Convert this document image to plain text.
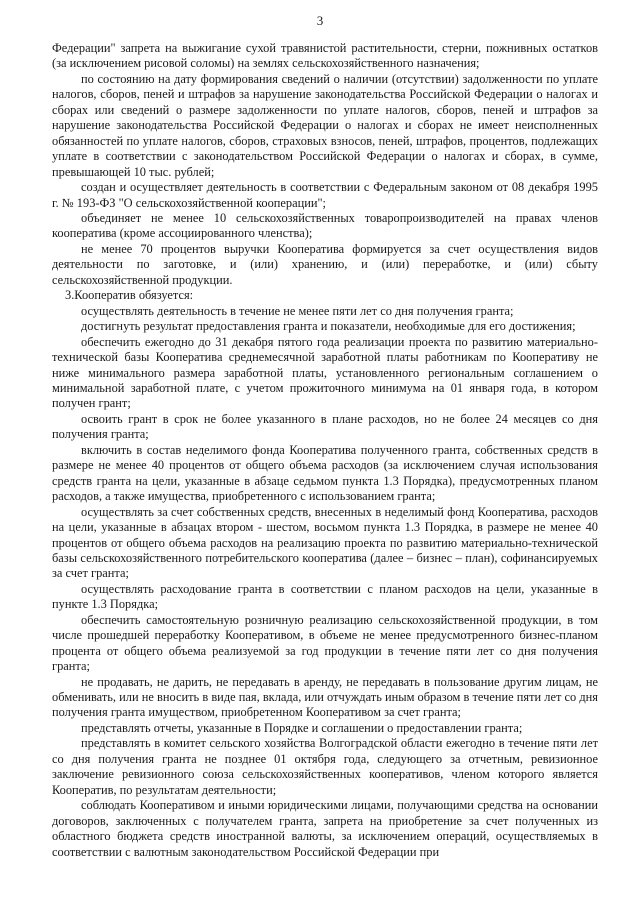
3

Федерации" запрета на выжигание сухой травянистой растительности, стерни, пожнивных остатков (за исключением рисовой соломы) на землях сельскохозяйственного назначения;

по состоянию на дату формирования сведений о наличии (отсутствии) задолженности по уплате налогов, сборов, пеней и штрафов за нарушение законодательства Российской Федерации о налогах и сборах или сведений о размере задолженности по уплате налогов, сборов, пеней и штрафов за нарушение законодательства Российской Федерации о налогах и сборах не имеет неисполненных обязанностей по уплате налогов, сборов, страховых взносов, пеней, штрафов, процентов, подлежащих уплате в соответствии с законодательством Российской Федерации о налогах и сборах, в сумме, превышающей 10 тыс. рублей;

создан и осуществляет деятельность в соответствии с Федеральным законом от 08 декабря 1995 г. № 193-ФЗ "О сельскохозяйственной кооперации";

объединяет не менее 10 сельскохозяйственных товаропроизводителей на правах членов кооператива (кроме ассоциированного членства);

не менее 70 процентов выручки Кооператива формируется за счет осуществления видов деятельности по заготовке, и (или) хранению, и (или) переработке, и (или) сбыту сельскохозяйственной продукции.

3.Кооператив обязуется:

осуществлять деятельность в течение не менее пяти лет со дня получения гранта;

достигнуть результат предоставления гранта и показатели, необходимые для его достижения;

обеспечить ежегодно до 31 декабря пятого года реализации проекта по развитию материально-технической базы Кооператива среднемесячной заработной платы работникам по Кооперативу не ниже минимального размера заработной платы, установленного региональным соглашением о минимальной заработной плате, с учетом прожиточного минимума на 01 января года, в котором получен грант;

освоить грант в срок не более указанного в плане расходов, но не более 24 месяцев со дня получения гранта;

включить в состав неделимого фонда Кооператива полученного гранта, собственных средств в размере не менее 40 процентов от общего объема расходов (за исключением случая использования средств гранта на цели, указанные в абзаце седьмом пункта 1.3 Порядка), предусмотренных планом расходов, а также имущества, приобретенного с использованием гранта;

осуществлять за счет собственных средств, внесенных в неделимый фонд Кооператива, расходов на цели, указанные в абзацах втором - шестом, восьмом пункта 1.3 Порядка, в размере не менее 40 процентов от общего объема расходов на реализацию проекта по развитию материально-технической базы сельскохозяйственного потребительского кооператива (далее – бизнес – план), софинансируемых за счет гранта;

осуществлять расходование гранта в соответствии с планом расходов на цели, указанные в пункте 1.3 Порядка;

обеспечить самостоятельную розничную реализацию сельскохозяйственной продукции, в том числе прошедшей переработку Кооперативом, в объеме не менее предусмотренного бизнес-планом процента от общего объема реализуемой за год продукции в течение пяти лет со дня получения гранта;

не продавать, не дарить, не передавать в аренду, не передавать в пользование другим лицам, не обменивать, или не вносить в виде пая, вклада, или отчуждать иным образом в течение пяти лет со дня получения гранта имуществом, приобретенном Кооперативом за счет гранта;

представлять отчеты, указанные в Порядке и соглашении о предоставлении гранта;

представлять в комитет сельского хозяйства Волгоградской области ежегодно в течение пяти лет со дня получения гранта не позднее 01 октября года, следующего за отчетным, ревизионное заключение ревизионного союза сельскохозяйственных кооперативов, членом которого является Кооператив, по результатам деятельности;

соблюдать Кооперативом и иными юридическими лицами, получающими средства на основании договоров, заключенных с получателем гранта, запрета на приобретение за счет полученных из областного бюджета средств иностранной валюты, за исключением операций, осуществляемых в соответствии с валютным законодательством Российской Федерации при
